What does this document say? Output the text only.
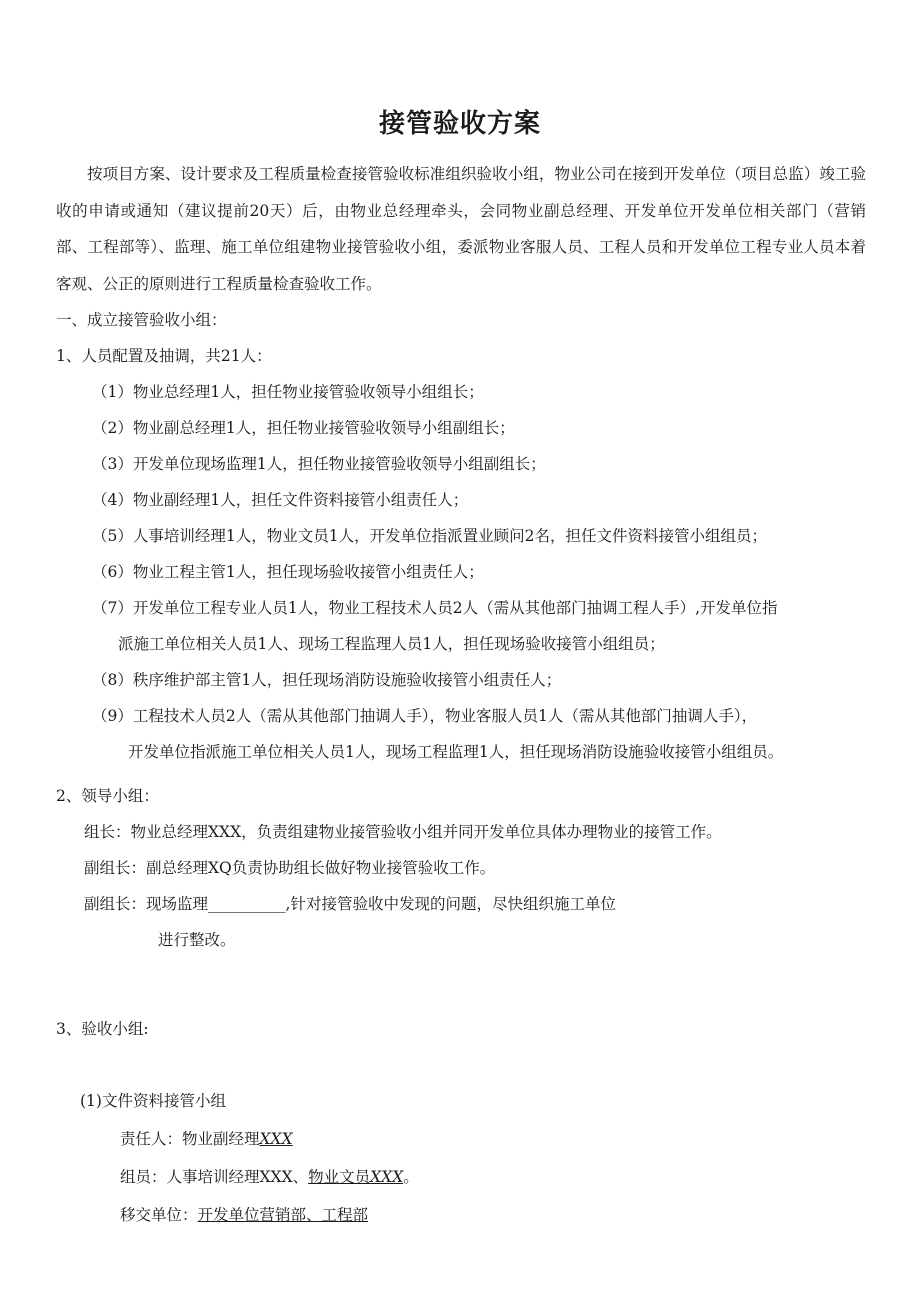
接管验收方案
按项目方案、设计要求及工程质量检查接管验收标准组织验收小组，物业公司在接到开发单位（项目总监）竣工验收的申请或通知（建议提前20天）后，由物业总经理牵头，会同物业副总经理、开发单位开发单位相关部门（营销部、工程部等）、监理、施工单位组建物业接管验收小组，委派物业客服人员、工程人员和开发单位工程专业人员本着客观、公正的原则进行工程质量检查验收工作。
一、成立接管验收小组：
1、人员配置及抽调，共21人：
（1）物业总经理1人，担任物业接管验收领导小组组长；
（2）物业副总经理1人，担任物业接管验收领导小组副组长；
（3）开发单位现场监理1人，担任物业接管验收领导小组副组长；
（4）物业副经理1人，担任文件资料接管小组责任人；
（5）人事培训经理1人，物业文员1人，开发单位指派置业顾问2名，担任文件资料接管小组组员；
（6）物业工程主管1人，担任现场验收接管小组责任人；
（7）开发单位工程专业人员1人，物业工程技术人员2人（需从其他部门抽调工程人手）,开发单位指
派施工单位相关人员1人、现场工程监理人员1人，担任现场验收接管小组组员；
（8）秩序维护部主管1人，担任现场消防设施验收接管小组责任人；
（9）工程技术人员2人（需从其他部门抽调人手），物业客服人员1人（需从其他部门抽调人手），
开发单位指派施工单位相关人员1人，现场工程监理1人，担任现场消防设施验收接管小组组员。
2、领导小组：
组长：物业总经理XXX，负责组建物业接管验收小组并同开发单位具体办理物业的接管工作。
副组长：副总经理XQ负责协助组长做好物业接管验收工作。
副组长：现场监理__________,针对接管验收中发现的问题，尽快组织施工单位
进行整改。
3、验收小组:
(1)文件资料接管小组
责任人：物业副经理XXX
组员：人事培训经理XXX、物业文员XXX。
移交单位：开发单位营销部、工程部
